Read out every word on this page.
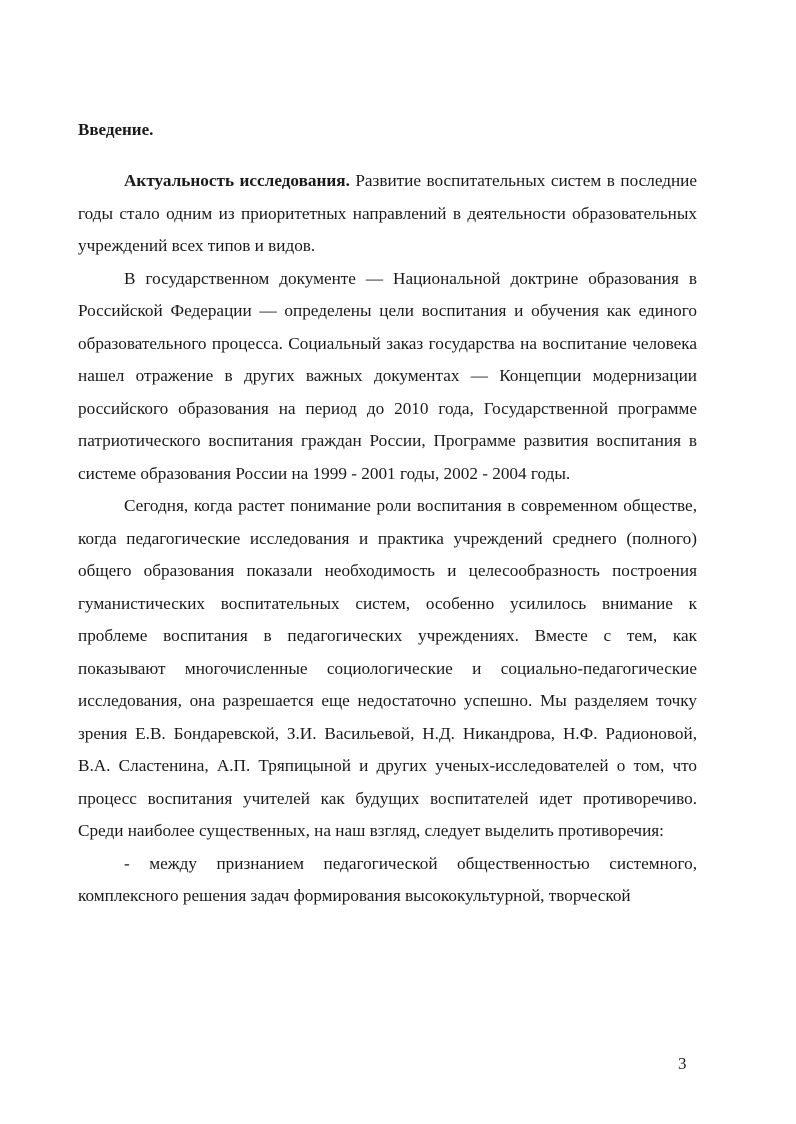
Введение.

Актуальность исследования. Развитие воспитательных систем в последние годы стало одним из приоритетных направлений в деятельности образовательных учреждений всех типов и видов.

В государственном документе — Национальной доктрине образования в Российской Федерации — определены цели воспитания и обучения как единого образовательного процесса. Социальный заказ государства на воспитание человека нашел отражение в других важных документах — Концепции модернизации российского образования на период до 2010 года, Государственной программе патриотического воспитания граждан России, Программе развития воспитания в системе образования России на 1999 - 2001 годы, 2002 - 2004 годы.

Сегодня, когда растет понимание роли воспитания в современном обществе, когда педагогические исследования и практика учреждений среднего (полного) общего образования показали необходимость и целесообразность построения гуманистических воспитательных систем, особенно усилилось внимание к проблеме воспитания в педагогических учреждениях. Вместе с тем, как показывают многочисленные социологические и социально-педагогические исследования, она разрешается еще недостаточно успешно. Мы разделяем точку зрения Е.В. Бондаревской, З.И. Васильевой, Н.Д. Никандрова, Н.Ф. Радионовой, В.А. Сластенина, А.П. Тряпицыной и других ученых-исследователей о том, что процесс воспитания учителей как будущих воспитателей идет противоречиво. Среди наиболее существенных, на наш взгляд, следует выделить противоречия:

- между признанием педагогической общественностью системного, комплексного решения задач формирования высококультурной, творческой

3
